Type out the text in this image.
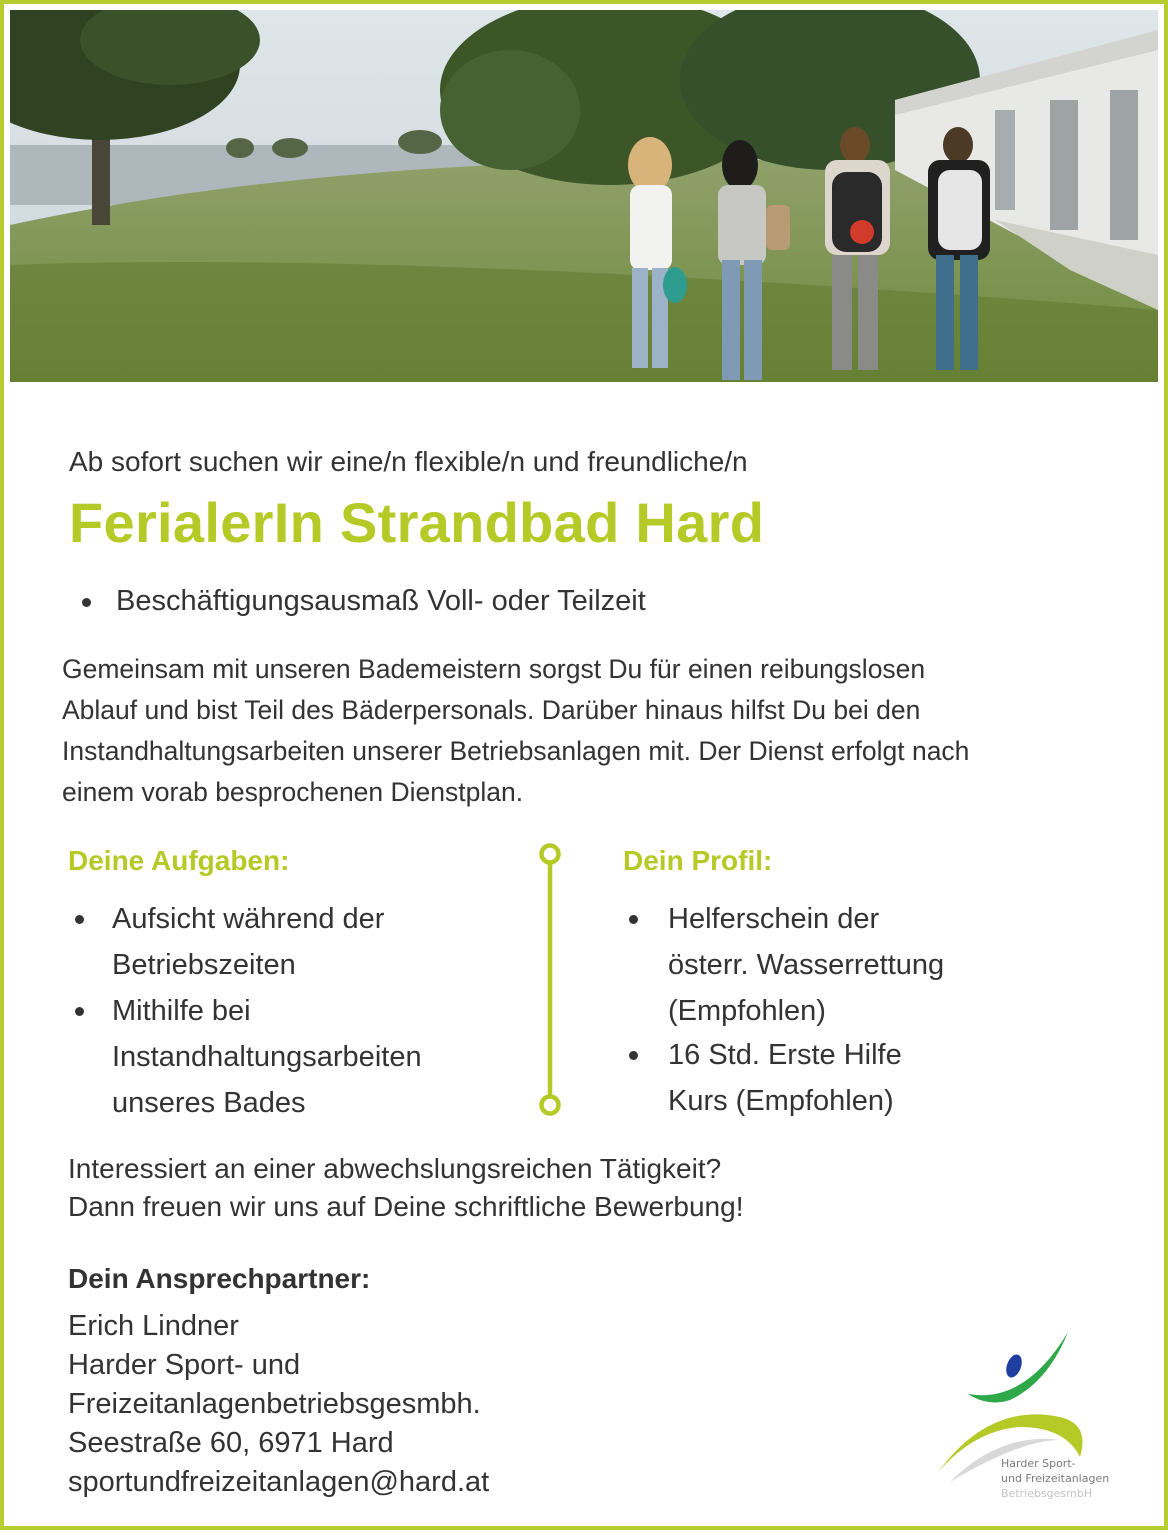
Ab sofort suchen wir eine/n flexible/n und freundliche/n
FerialerIn Strandbad Hard
Beschäftigungsausmaß Voll- oder Teilzeit
Gemeinsam mit unseren Bademeistern sorgst Du für einen reibungslosen
Ablauf und bist Teil des Bäderpersonals. Darüber hinaus hilfst Du bei den
Instandhaltungsarbeiten unserer Betriebsanlagen mit. Der Dienst erfolgt nach
einem vorab besprochenen Dienstplan.
Deine Aufgaben:	Dein Profil:
Aufsicht während der
Betriebszeiten
Mithilfe bei
Instandhaltungsarbeiten
unseres Bades
Helferschein der
österr. Wasserrettung
(Empfohlen)
16 Std. Erste Hilfe
Kurs (Empfohlen)
Interessiert an einer abwechslungsreichen Tätigkeit?
Dann freuen wir uns auf Deine schriftliche Bewerbung!
Dein Ansprechpartner:
Erich Lindner
Harder Sport- und
Freizeitanlagenbetriebsgesmbh.
Seestraße 60, 6971 Hard
sportundfreizeitanlagen@hard.at
Harder Sport-
und Freizeitanlagen
BetriebsgesmbH
